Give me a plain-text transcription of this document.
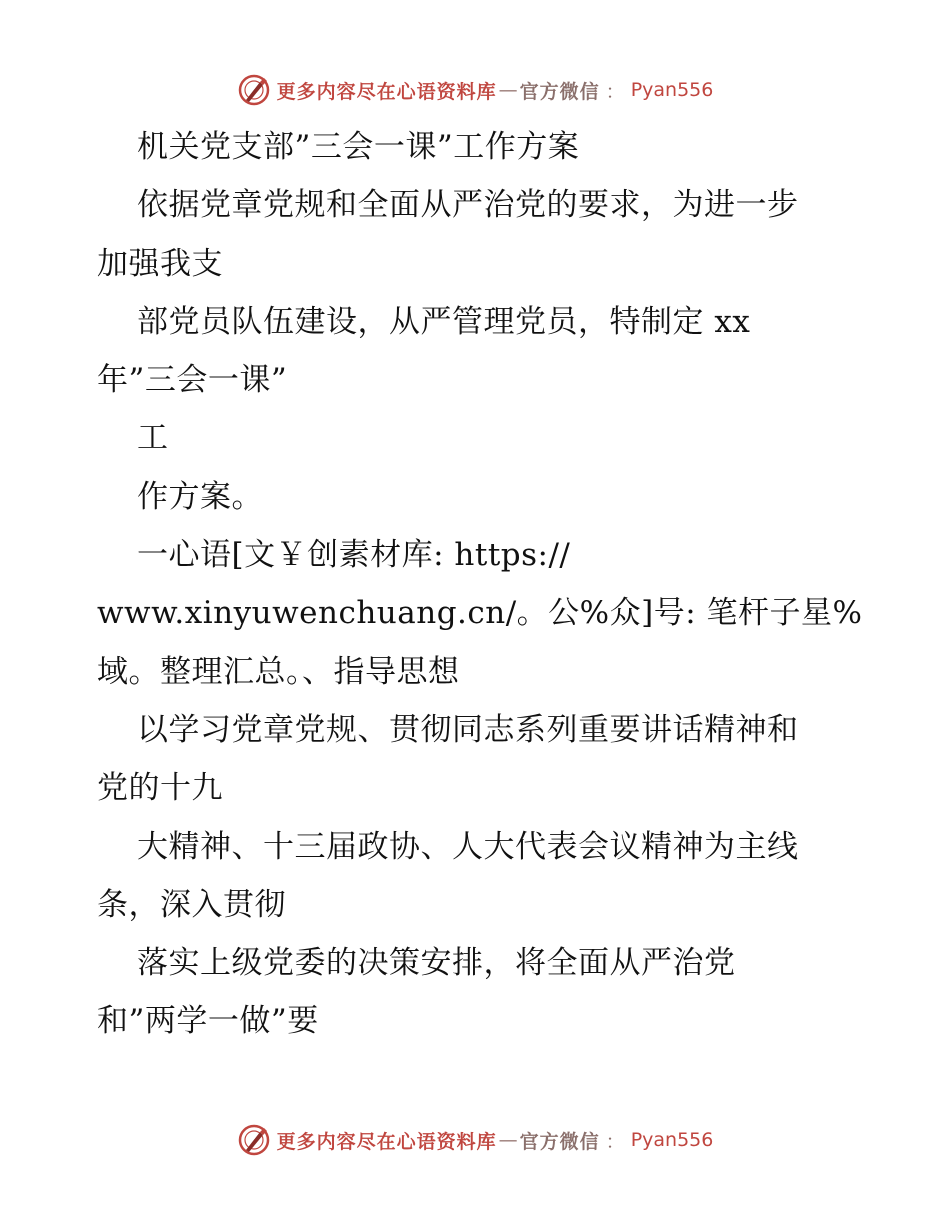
更多内容尽在心语资料库 — 官方微信 ： Pyan556
机关党支部”三会一课”工作方案
依据党章党规和全面从严治党的要求，为进一步
加强我支
部党员队伍建设，从严管理党员，特制定 xx
年”三会一课”
工
作方案。
一心语[文￥创素材库: https://
www.xinyuwenchuang.cn/。公%众]号: 笔杆子星%
域。整理汇总。、指导思想
以学习党章党规、贯彻同志系列重要讲话精神和
党的十九
大精神、十三届政协、人大代表会议精神为主线
条，深入贯彻
落实上级党委的决策安排，将全面从严治党
和”两学一做”要
更多内容尽在心语资料库 — 官方微信 ： Pyan556
